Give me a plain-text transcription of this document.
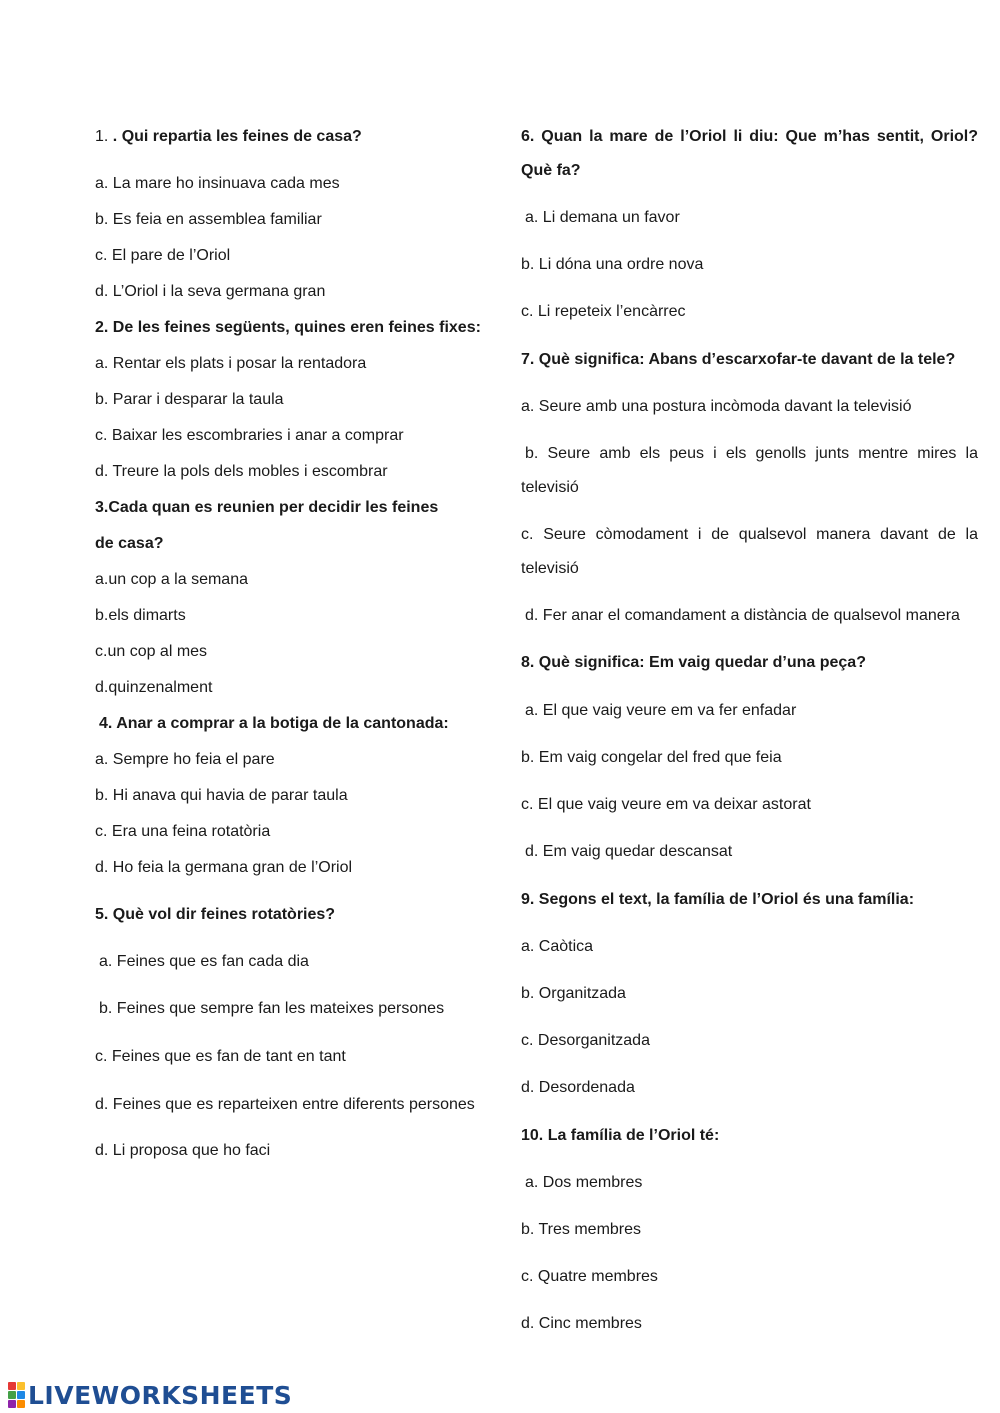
1. . Qui repartia les feines de casa?
a. La mare ho insinuava cada mes
b. Es feia en assemblea familiar
c. El pare de l’Oriol
d. L’Oriol i la seva germana gran
2. De les feines següents, quines eren feines fixes:
a. Rentar els plats i posar la rentadora
b. Parar i desparar la taula
c. Baixar les escombraries i anar a comprar
d. Treure la pols dels mobles i escombrar
3.Cada quan es reunien per decidir les feines
de casa?
a.un cop a la semana
b.els dimarts
c.un cop al mes
d.quinzenalment
4. Anar a comprar a la botiga de la cantonada:
a. Sempre ho feia el pare
b. Hi anava qui havia de parar taula
c. Era una feina rotatòria
d. Ho feia la germana gran de l’Oriol
5. Què vol dir feines rotatòries?
a. Feines que es fan cada dia
b. Feines que sempre fan les mateixes persones
c. Feines que es fan de tant en tant
d. Feines que es reparteixen entre diferents persones
d. Li proposa que ho faci
6. Quan la mare de l’Oriol li diu: Que m’has sentit, Oriol?
Què fa?
a. Li demana un favor
b. Li dóna una ordre nova
c. Li repeteix l’encàrrec
7. Què significa: Abans d’escarxofar-te davant de la tele?
a. Seure amb una postura incòmoda davant la televisió
b. Seure amb els peus i els genolls junts mentre mires la
televisió
c. Seure còmodament i de qualsevol manera davant de la
televisió
d. Fer anar el comandament a distància de qualsevol manera
8. Què significa: Em vaig quedar d’una peça?
a. El que vaig veure em va fer enfadar
b. Em vaig congelar del fred que feia
c. El que vaig veure em va deixar astorat
d. Em vaig quedar descansat
9. Segons el text, la família de l’Oriol és una família:
a. Caòtica
b. Organitzada
c. Desorganitzada
d. Desordenada
10. La família de l’Oriol té:
a. Dos membres
b. Tres membres
c. Quatre membres
d. Cinc membres
LIVEWORKSHEETS
